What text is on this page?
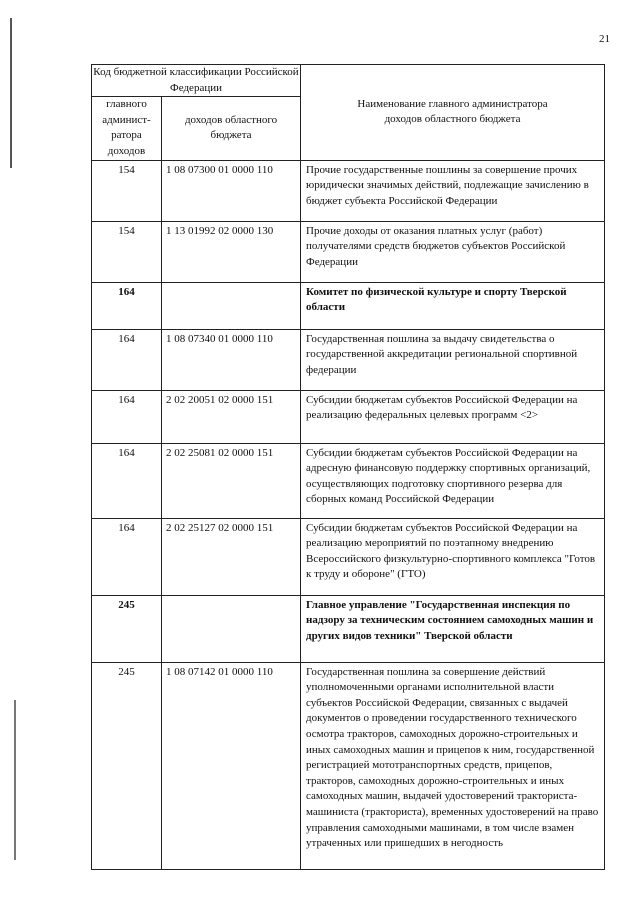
21
Код бюджетной классификации Российской Федерации		Наименование главного администратора доходов областного бюджета
главного админист-ратора доходов	доходов областного бюджета	
154	1 08 07300 01 0000 110	Прочие государственные пошлины за совершение прочих юридически значимых действий, подлежащие зачислению в бюджет субъекта Российской Федерации
154	1 13 01992 02 0000 130	Прочие доходы от оказания платных услуг (работ) получателями средств бюджетов субъектов Российской Федерации
164		Комитет по физической культуре и спорту Тверской области
164	1 08 07340 01 0000 110	Государственная пошлина за выдачу свидетельства о государственной аккредитации региональной спортивной федерации
164	2 02 20051 02 0000 151	Субсидии бюджетам субъектов Российской Федерации на реализацию федеральных целевых программ <2>
164	2 02 25081 02 0000 151	Субсидии бюджетам субъектов Российской Федерации на адресную финансовую поддержку спортивных организаций, осуществляющих подготовку спортивного резерва для сборных команд Российской Федерации
164	2 02 25127 02 0000 151	Субсидии бюджетам субъектов Российской Федерации на реализацию мероприятий по поэтапному внедрению Всероссийского физкультурно-спортивного комплекса "Готов к труду и обороне" (ГТО)
245		Главное управление "Государственная инспекция по надзору за техническим состоянием самоходных машин и других видов техники" Тверской области
245	1 08 07142 01 0000 110	Государственная пошлина за совершение действий уполномоченными органами исполнительной власти субъектов Российской Федерации, связанных с выдачей документов о проведении государственного технического осмотра тракторов, самоходных дорожно-строительных и иных самоходных машин и прицепов к ним, государственной регистрацией мототранспортных средств, прицепов, тракторов, самоходных дорожно-строительных и иных самоходных машин, выдачей удостоверений тракториста-машиниста (тракториста), временных удостоверений на право управления самоходными машинами, в том числе взамен утраченных или пришедших в негодность
